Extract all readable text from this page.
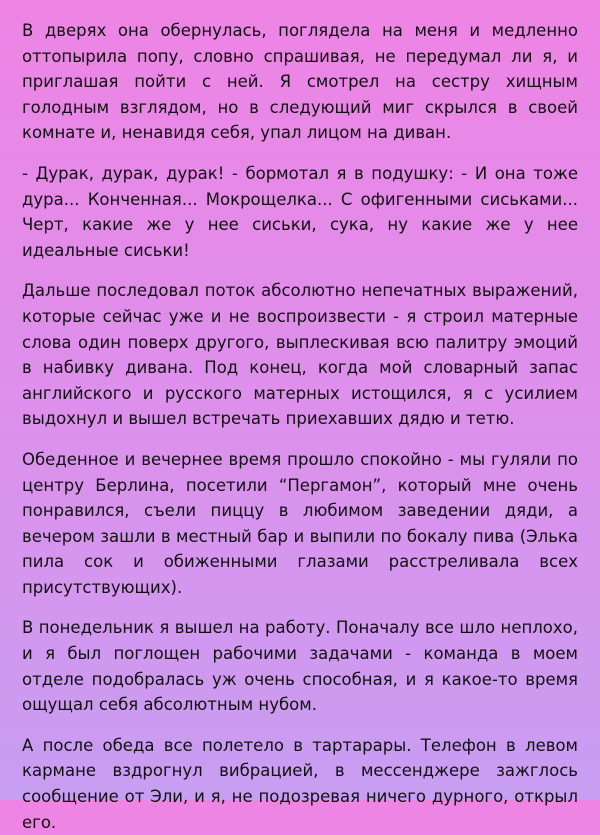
В дверях она обернулась, поглядела на меня и медленно оттопырила попу, словно спрашивая, не передумал ли я, и приглашая пойти с ней. Я смотрел на сестру хищным голодным взглядом, но в следующий миг скрылся в своей комнате и, ненавидя себя, упал лицом на диван.

- Дурак, дурак, дурак! - бормотал я в подушку: - И она тоже дура... Конченная... Мокрощелка... С офигенными сиськами... Черт, какие же у нее сиськи, сука, ну какие же у нее идеальные сиськи!

Дальше последовал поток абсолютно непечатных выражений, которые сейчас уже и не воспроизвести - я строил матерные слова один поверх другого, выплескивая всю палитру эмоций в набивку дивана. Под конец, когда мой словарный запас английского и русского матерных истощился, я с усилием выдохнул и вышел встречать приехавших дядю и тетю.

Обеденное и вечернее время прошло спокойно - мы гуляли по центру Берлина, посетили “Пергамон”, который мне очень понравился, съели пиццу в любимом заведении дяди, а вечером зашли в местный бар и выпили по бокалу пива (Элька пила сок и обиженными глазами расстреливала всех присутствующих).

В понедельник я вышел на работу. Поначалу все шло неплохо, и я был поглощен рабочими задачами - команда в моем отделе подобралась уж очень способная, и я какое-то время ощущал себя абсолютным нубом.

А после обеда все полетело в тартарары. Телефон в левом кармане вздрогнул вибрацией, в мессенджере зажглось сообщение от Эли, и я, не подозревая ничего дурного, открыл его.
